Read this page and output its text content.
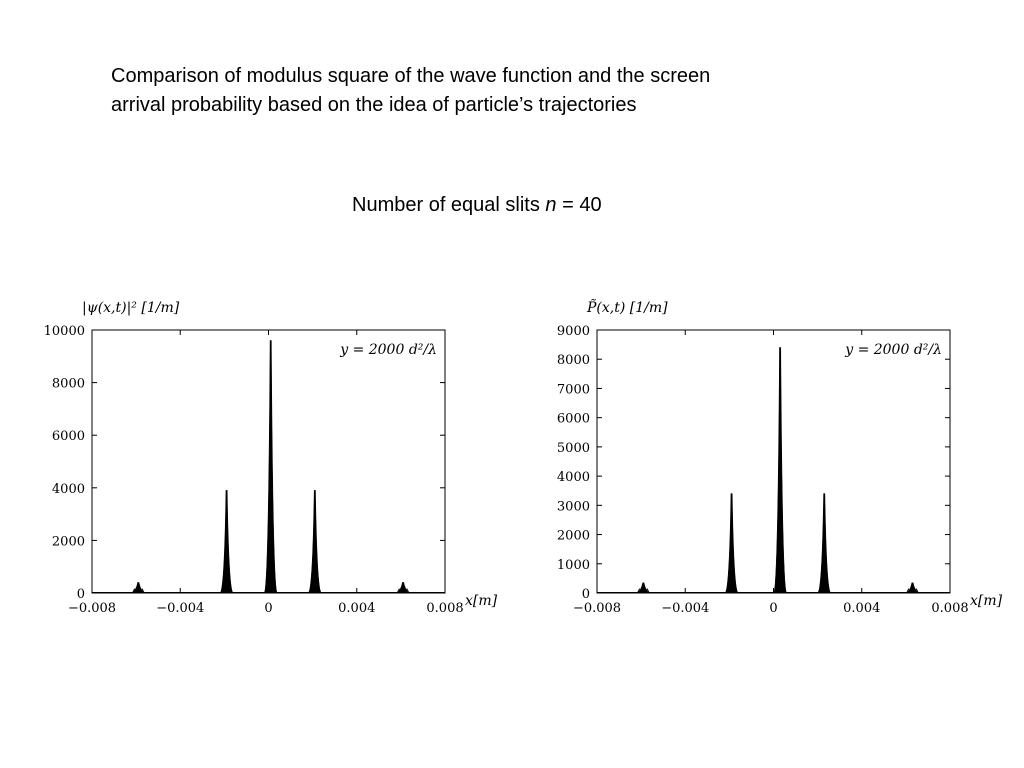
Comparison of modulus square of the wave function and the screen
arrival probability based on the idea of particle’s trajectories
Number of equal slits n = 40
0
2000
4000
6000
8000
10000
−0.008	−0.004	0	0.004	0.008 x[m]
|ψ(x,t)|² [1/m]
y = 2000 d²/λ
0
1000
2000
3000
4000
5000
6000
7000
8000
9000
−0.008	−0.004	0	0.004	0.008 x[m]
P̃(x,t) [1/m]
y = 2000 d²/λ
